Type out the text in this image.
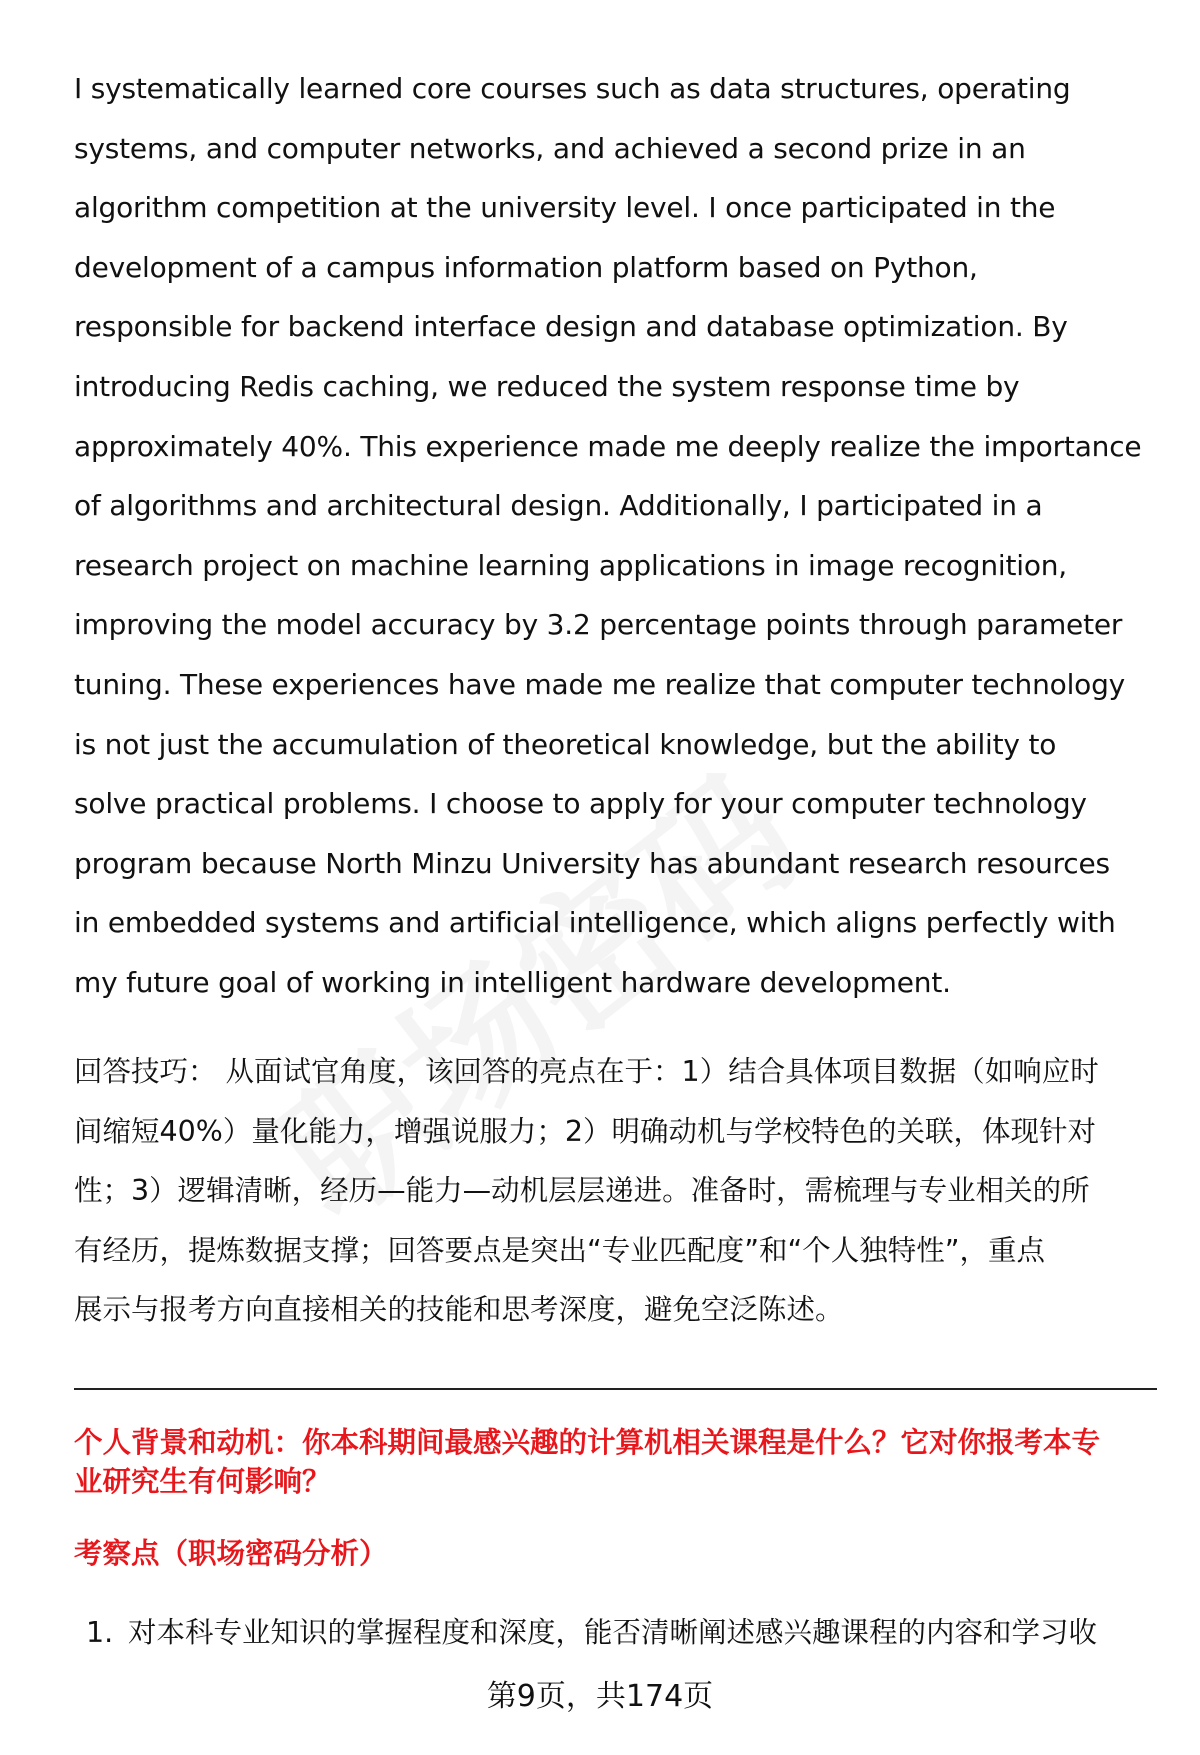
I systematically learned core courses such as data structures, operating
systems, and computer networks, and achieved a second prize in an
algorithm competition at the university level. I once participated in the
development of a campus information platform based on Python,
responsible for backend interface design and database optimization. By
introducing Redis caching, we reduced the system response time by
approximately 40%. This experience made me deeply realize the importance
of algorithms and architectural design. Additionally, I participated in a
research project on machine learning applications in image recognition,
improving the model accuracy by 3.2 percentage points through parameter
tuning. These experiences have made me realize that computer technology
is not just the accumulation of theoretical knowledge, but the ability to
solve practical problems. I choose to apply for your computer technology
program because North Minzu University has abundant research resources
in embedded systems and artificial intelligence, which aligns perfectly with
my future goal of working in intelligent hardware development.
回答技巧： 从面试官角度，该回答的亮点在于：1）结合具体项目数据（如响应时
间缩短40%）量化能力，增强说服力；2）明确动机与学校特色的关联，体现针对
性；3）逻辑清晰，经历—能力—动机层层递进。准备时，需梳理与专业相关的所
有经历，提炼数据支撑；回答要点是突出“专业匹配度”和“个人独特性”，重点
展示与报考方向直接相关的技能和思考深度，避免空泛陈述。
个人背景和动机：你本科期间最感兴趣的计算机相关课程是什么？它对你报考本专
业研究生有何影响？
考察点（职场密码分析）
1. 对本科专业知识的掌握程度和深度，能否清晰阐述感兴趣课程的内容和学习收
第9页，共174页
